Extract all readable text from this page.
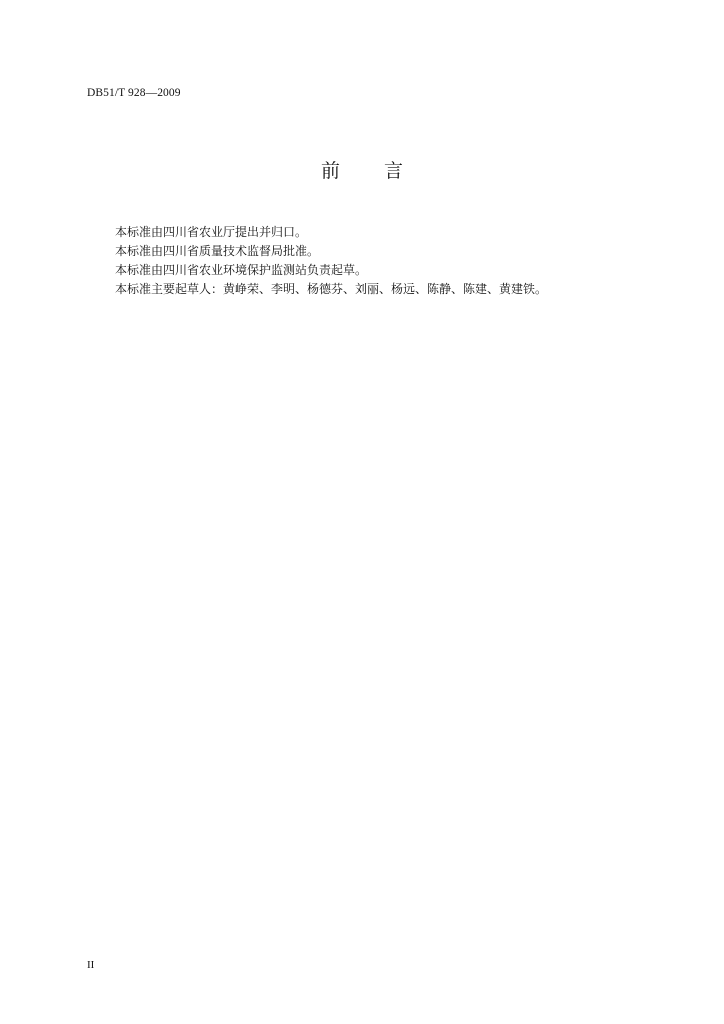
DB51/T 928—2009
前 言

本标准由四川省农业厅提出并归口。

本标准由四川省质量技术监督局批准。

本标准由四川省农业环境保护监测站负责起草。

本标准主要起草人：黄峥荣、李明、杨德芬、刘丽、杨远、陈静、陈建、黄建铁。

II
